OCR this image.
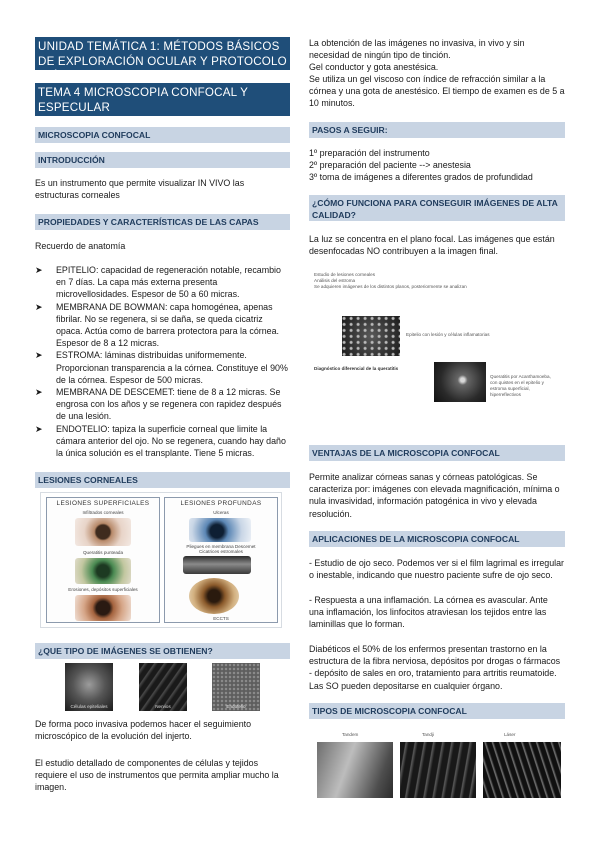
UNIDAD TEMÁTICA 1: MÉTODOS BÁSICOS DE EXPLORACIÓN OCULAR Y PROTOCOLO CLÍNICO
TEMA 4 MICROSCOPIA CONFOCAL Y ESPECULAR
MICROSCOPIA CONFOCAL
INTRODUCCIÓN
Es un instrumento que permite visualizar IN VIVO las estructuras corneales
PROPIEDADES Y CARACTERÍSTICAS DE LAS CAPAS
Recuerdo de anatomía
➤ EPITELIO: capacidad de regeneración notable, recambio en 7 días. La capa más externa presenta microvellosidades. Espesor de 50 a 60 micras.
➤ MEMBRANA DE BOWMAN: capa homogénea, apenas fibrilar. No se regenera, si se daña, se queda cicatriz opaca. Actúa como de barrera protectora para la córnea. Espesor de 8 a 12 micras.
➤ ESTROMA: láminas distribuidas uniformemente. Proporcionan transparencia a la córnea. Constituye el 90% de la córnea. Espesor de 500 micras.
➤ MEMBRANA DE DESCEMET: tiene de 8 a 12 micras. Se engrosa con los años y se regenera con rapidez después de una lesión.
➤ ENDOTELIO: tapiza la superficie corneal que limite la cámara anterior del ojo. No se regenera, cuando hay daño la única solución es el transplante. Tiene 5 micras.
LESIONES CORNEALES
LESIONES SUPERFICIALES
Infiltrados corneales
Queratitis punteada
Erosiones, depósitos superficiales
LESIONES PROFUNDAS
Ulceras
Pliegues en membrana Descemet
Cicatrices estromales
ECCTS
¿QUE TIPO DE IMÁGENES SE OBTIENEN?
Células epiteliales	Nervios	Endotelio
De forma poco invasiva podemos hacer el seguimiento microscópico de la evolución del injerto.
El estudio detallado de componentes de células y tejidos requiere el uso de instrumentos que permita ampliar mucho la imagen.
La obtención de las imágenes no invasiva, in vivo y sin necesidad de ningún tipo de tinción.
Gel conductor y gota anestésica.
Se utiliza un gel viscoso con índice de refracción similar a la córnea y una gota de anestésico. El tiempo de examen es de 5 a 10 minutos.
PASOS A SEGUIR:
1º preparación del instrumento
2º preparación del paciente --> anestesia
3º toma de imágenes a diferentes grados de profundidad
¿CÓMO FUNCIONA PARA CONSEGUIR IMÁGENES DE ALTA CALIDAD?
La luz se concentra en el plano focal. Las imágenes que están desenfocadas NO contribuyen a la imagen final.
Estudio de lesiones corneales
Análisis del estroma
Se adquieren imágenes de los distintos planos, posteriormente se analizan
Epitelio con lesión y células inflamatorias
Diagnóstico diferencial de la queratitis
Queratitis por Acanthamoeba, con quistes en el epitelio y estroma superficial, hiperreflectivos
VENTAJAS DE LA MICROSCOPIA CONFOCAL
Permite analizar córneas sanas y córneas patológicas. Se caracteriza por: imágenes con elevada magnificación, mínima o nula invasividad, información patogénica in vivo y elevada resolución.
APLICACIONES DE LA MICROSCOPIA CONFOCAL
- Estudio de ojo seco. Podemos ver si el film lagrimal es irregular o inestable, indicando que nuestro paciente sufre de ojo seco.
- Respuesta a una inflamación. La córnea es avascular. Ante una inflamación, los linfocitos atraviesan los tejidos entre las laminillas que lo forman.
Diabéticos el 50% de los enfermos presentan trastorno en la estructura de la fibra nerviosa, depósitos por drogas o fármacos - depósito de sales en oro, tratamiento para artritis reumatoide. Las SO pueden depositarse en cualquier órgano.
TIPOS DE MICROSCOPIA CONFOCAL
Tandem	Tandji	Láser
